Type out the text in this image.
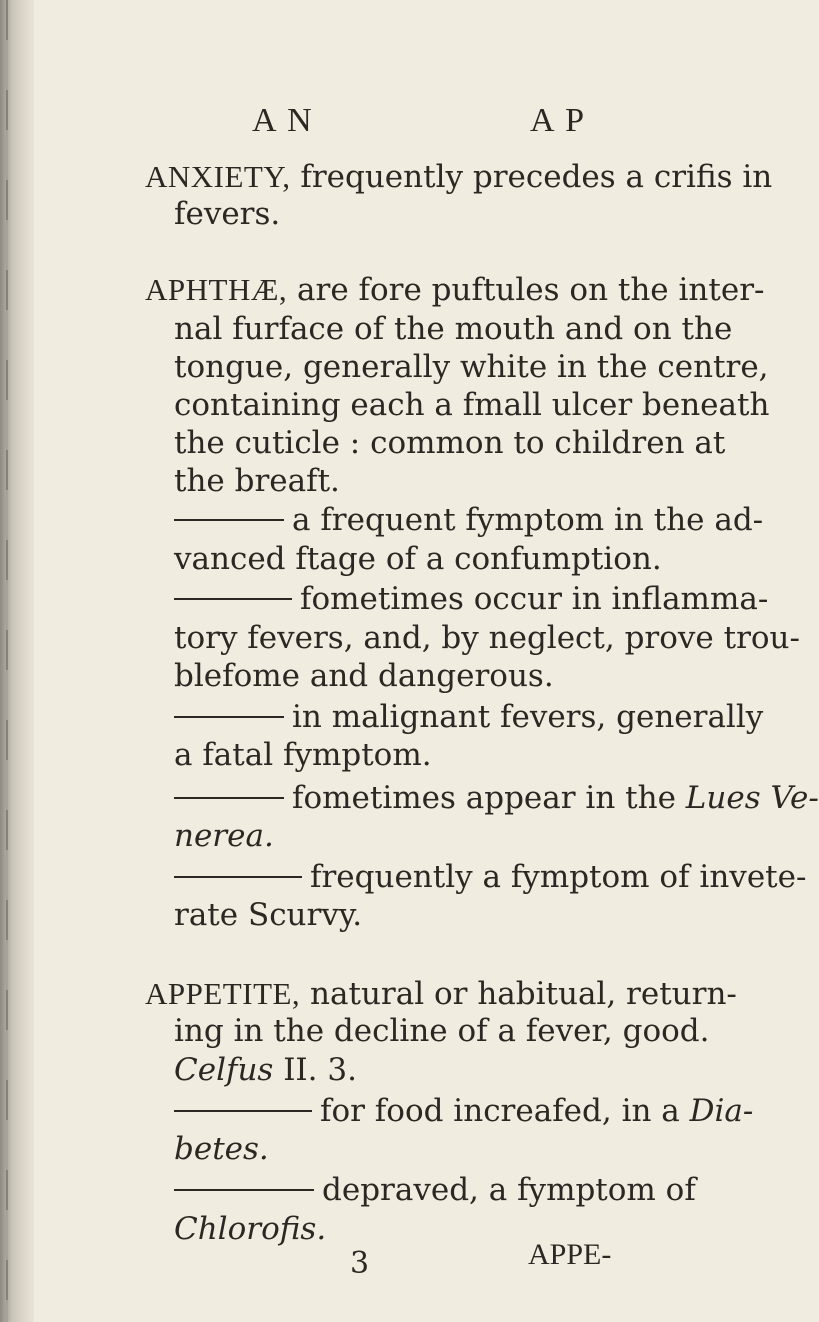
A N	A P
ANXIETY, frequently precedes a crifis in
fevers.
APHTHÆ, are fore puftules on the inter-
nal furface of the mouth and on the
tongue, generally white in the centre,
containing each a fmall ulcer beneath
the cuticle : common to children at
the breaft.
a frequent fymptom in the ad-
vanced ftage of a confumption.
fometimes occur in inflamma-
tory fevers, and, by neglect, prove trou-
blefome and dangerous.
in malignant fevers, generally
a fatal fymptom.
fometimes appear in the Lues Ve-
nerea.
frequently a fymptom of invete-
rate Scurvy.
APPETITE, natural or habitual, return-
ing in the decline of a fever, good.
Celfus II. 3.
for food increafed, in a Dia-
betes.
depraved, a fymptom of
Chlorofis.
3	APPE-
